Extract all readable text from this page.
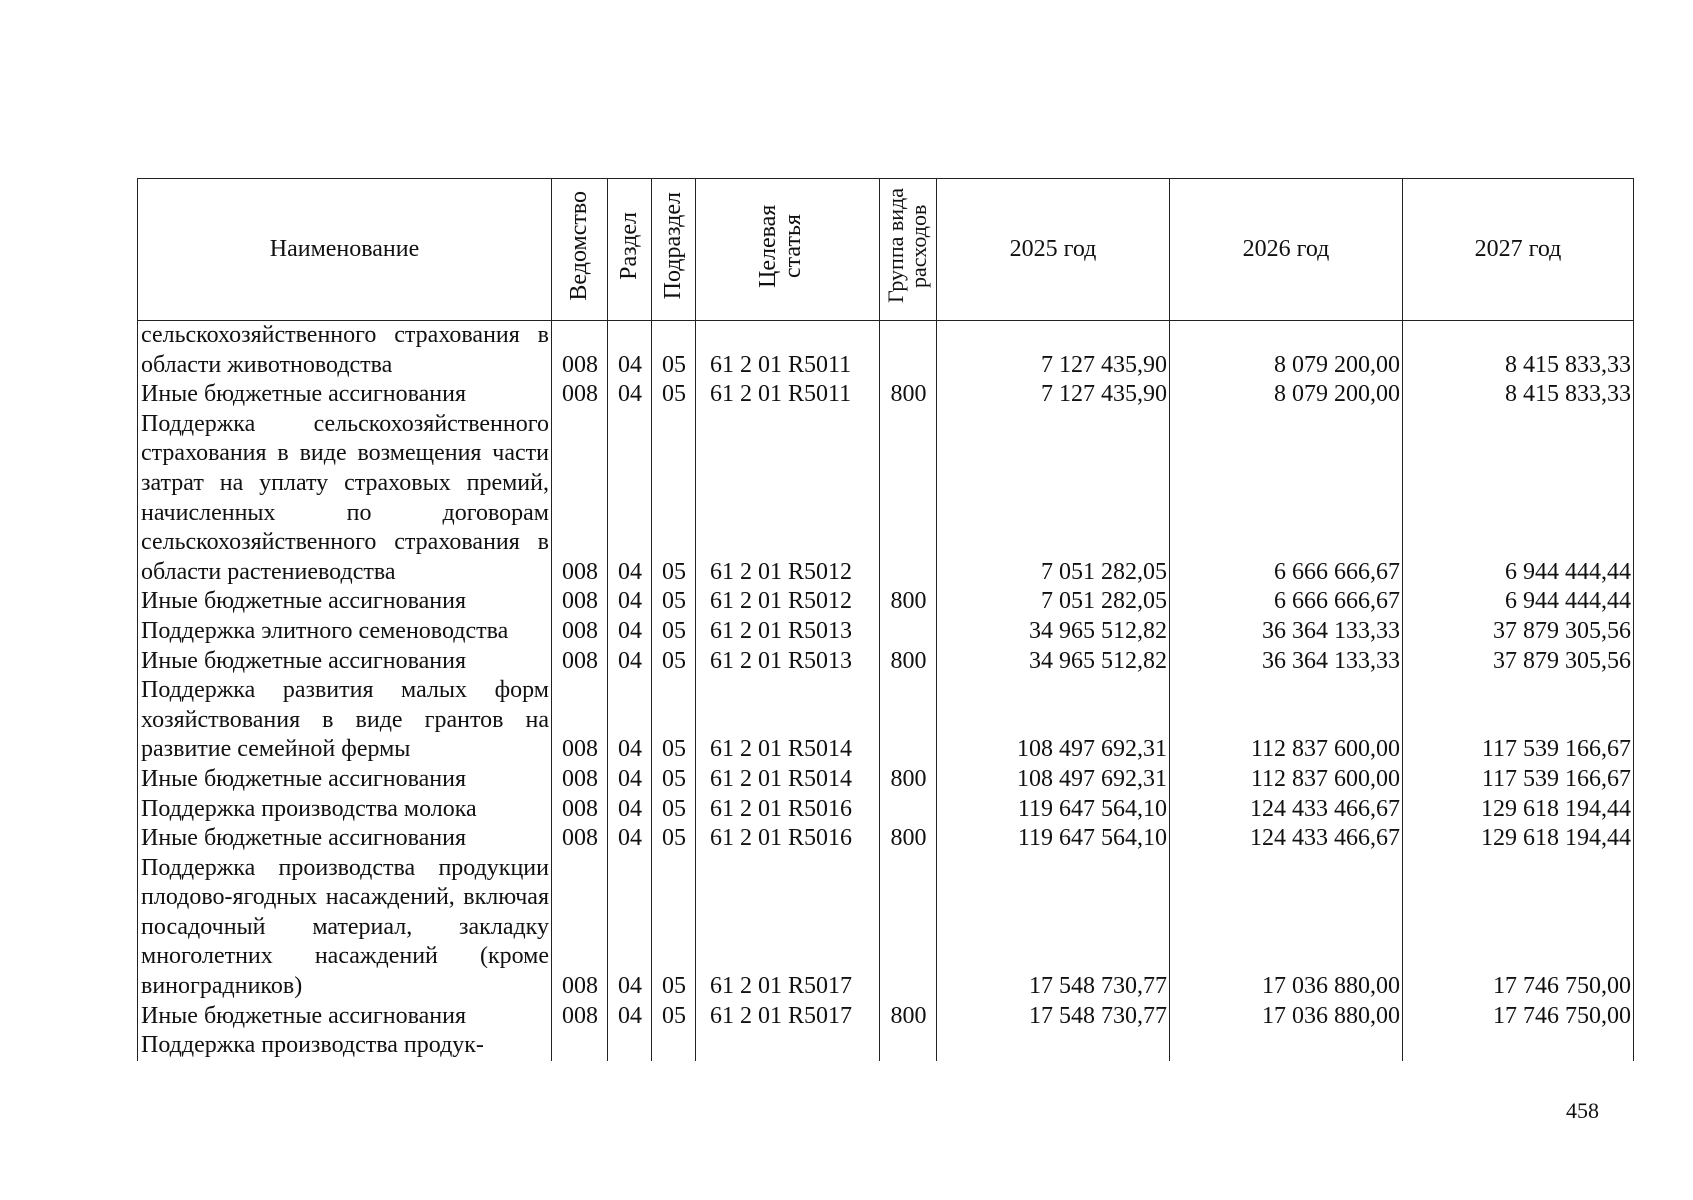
Наименование	Ведомство	Раздел	Подраздел	Целевая статья	Группа вида расходов	2025 год	2026 год	2027 год
сельскохозяйственного страхования в области животноводства	008	04	05	61 2 01 R5011		7 127 435,90	8 079 200,00	8 415 833,33
Иные бюджетные ассигнования	008	04	05	61 2 01 R5011	800	7 127 435,90	8 079 200,00	8 415 833,33
Поддержка сельскохозяйственного страхования в виде возмещения части затрат на уплату страховых премий, начисленных по договорам сельскохозяйственного страхования в области растениеводства	008	04	05	61 2 01 R5012		7 051 282,05	6 666 666,67	6 944 444,44
Иные бюджетные ассигнования	008	04	05	61 2 01 R5012	800	7 051 282,05	6 666 666,67	6 944 444,44
Поддержка элитного семеноводства	008	04	05	61 2 01 R5013		34 965 512,82	36 364 133,33	37 879 305,56
Иные бюджетные ассигнования	008	04	05	61 2 01 R5013	800	34 965 512,82	36 364 133,33	37 879 305,56
Поддержка развития малых форм хозяйствования в виде грантов на развитие семейной фермы	008	04	05	61 2 01 R5014		108 497 692,31	112 837 600,00	117 539 166,67
Иные бюджетные ассигнования	008	04	05	61 2 01 R5014	800	108 497 692,31	112 837 600,00	117 539 166,67
Поддержка производства молока	008	04	05	61 2 01 R5016		119 647 564,10	124 433 466,67	129 618 194,44
Иные бюджетные ассигнования	008	04	05	61 2 01 R5016	800	119 647 564,10	124 433 466,67	129 618 194,44
Поддержка производства продукции плодово-ягодных насаждений, включая посадочный материал, закладку многолетних насаждений (кроме виноградников)	008	04	05	61 2 01 R5017		17 548 730,77	17 036 880,00	17 746 750,00
Иные бюджетные ассигнования	008	04	05	61 2 01 R5017	800	17 548 730,77	17 036 880,00	17 746 750,00
Поддержка производства продук-								
458
